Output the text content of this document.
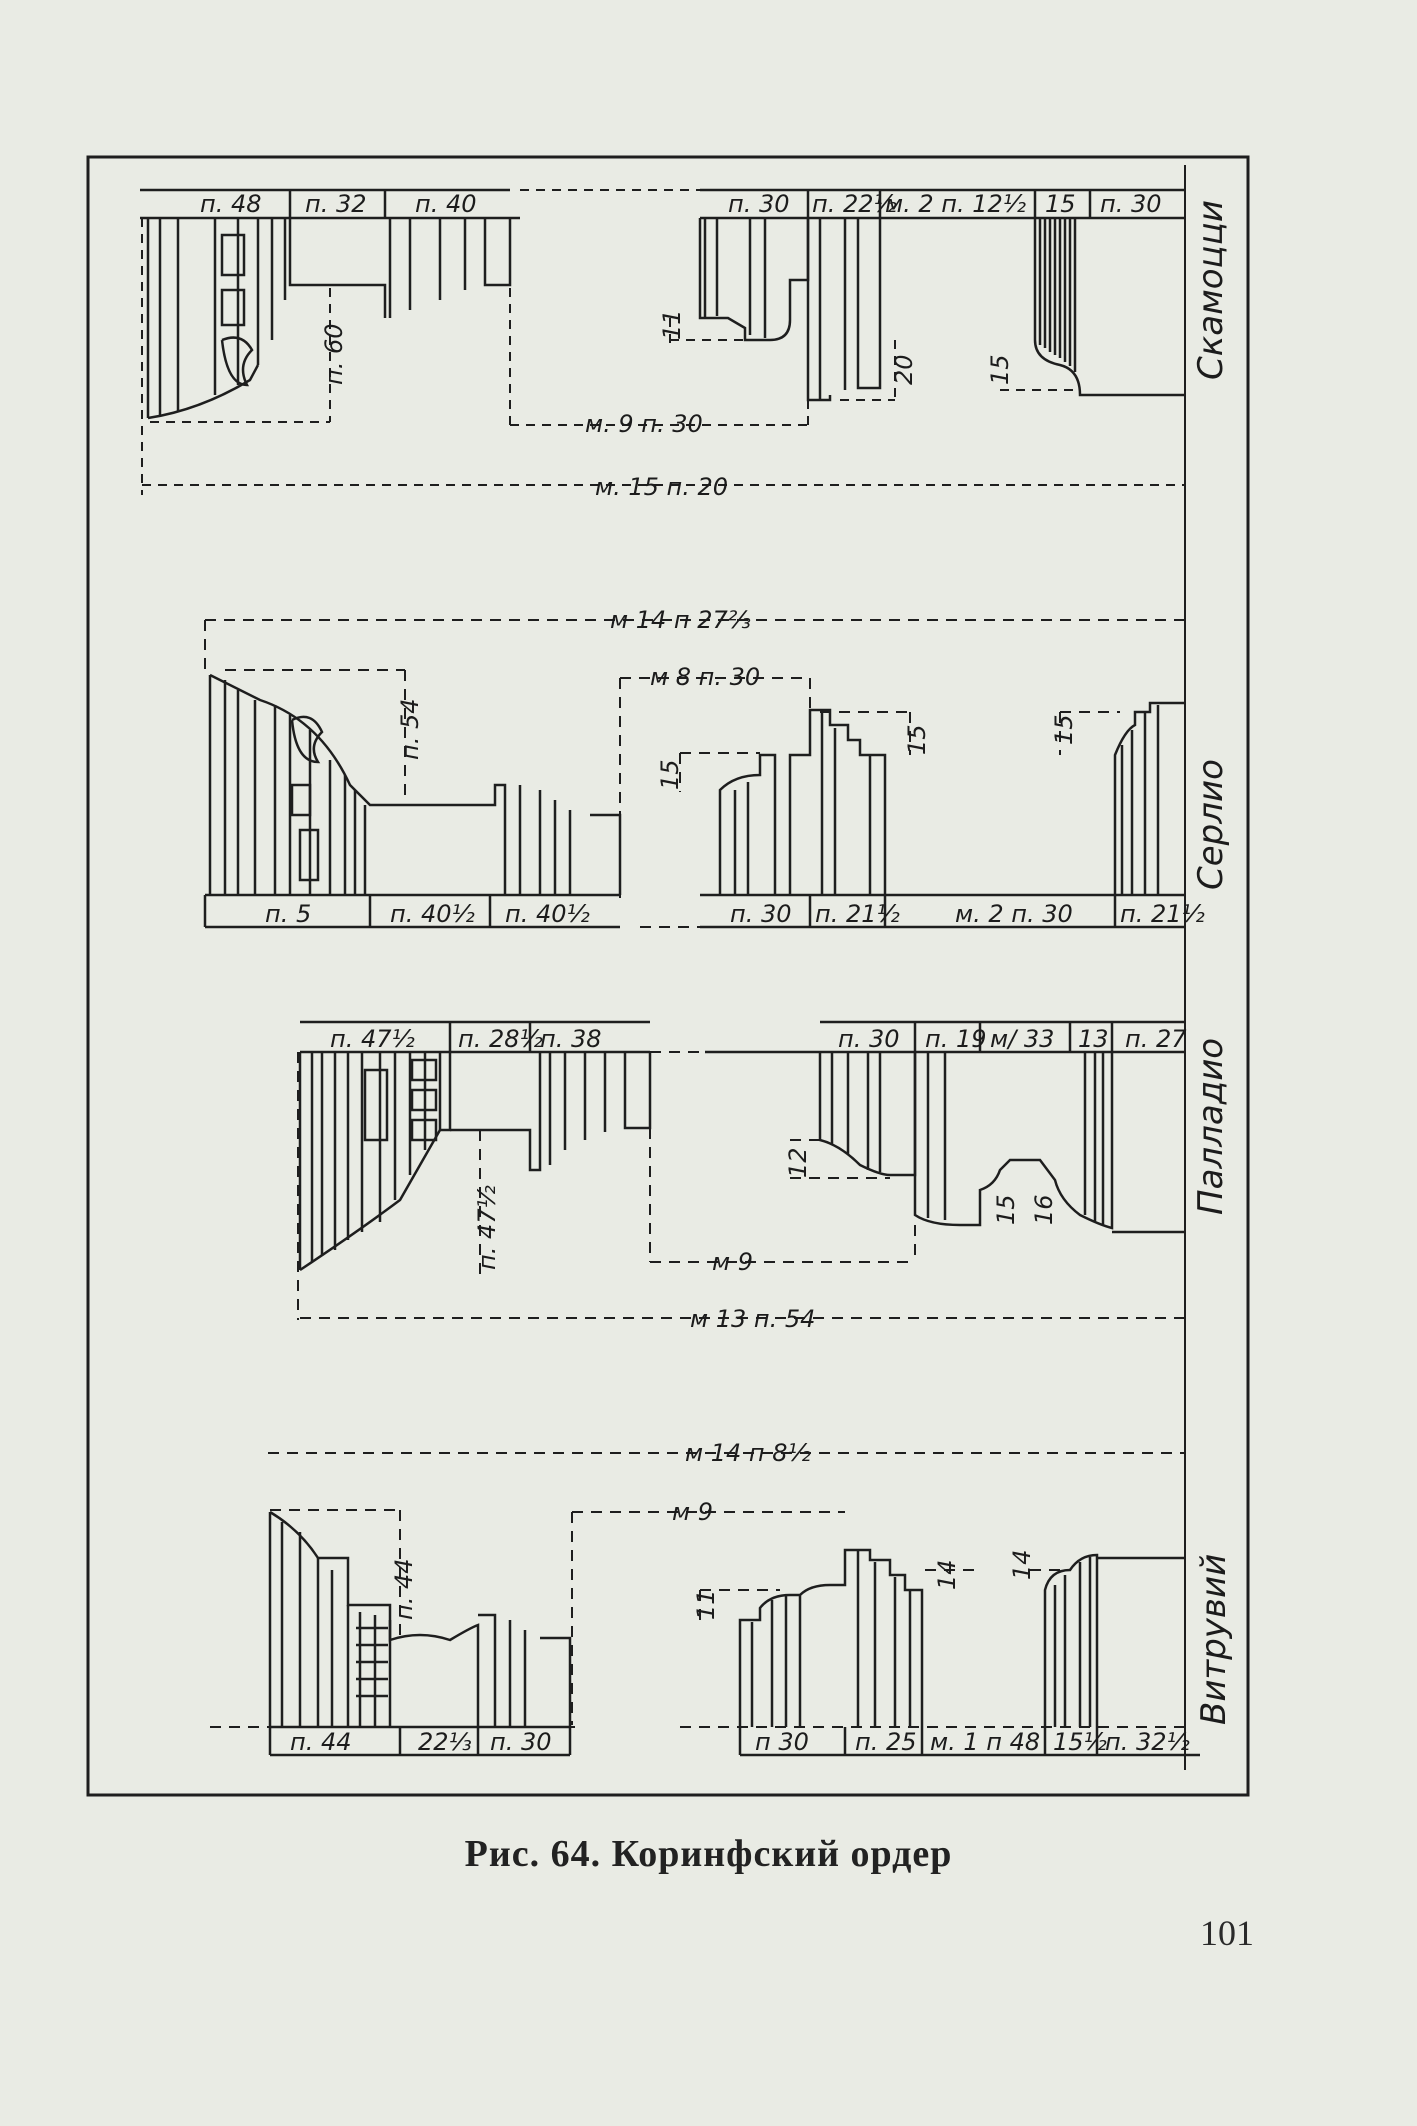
Скамоцци
Серлио
Палладио
Витрувий
п. 48 п. 32 п. 40	п. 30 п. 22½
м. 2 п. 12½ 15 п. 30
п. 60	11
20	15
м. 9 п. 30
м. 15 п. 20
м 14 п 27⅔
п. 5	п. 40½ п. 40½	п. 30 п. 21½ м. 2 п. 30 п. 21½
п. 54
15
15	15
м 8 п. 30
п. 47½ п. 28½
п. 38	п. 30 п. 19 м/ 33 13 п. 27
п. 47½
12
15 16
м 9
м 13 п. 54
м 14 п 8½
п. 44	22⅓ п. 30	п 30 п. 25 м. 1 п 48 15½
п. 32½
п. 44	11
14 14
м 9
Рис. 64. Коринфский ордер
101
